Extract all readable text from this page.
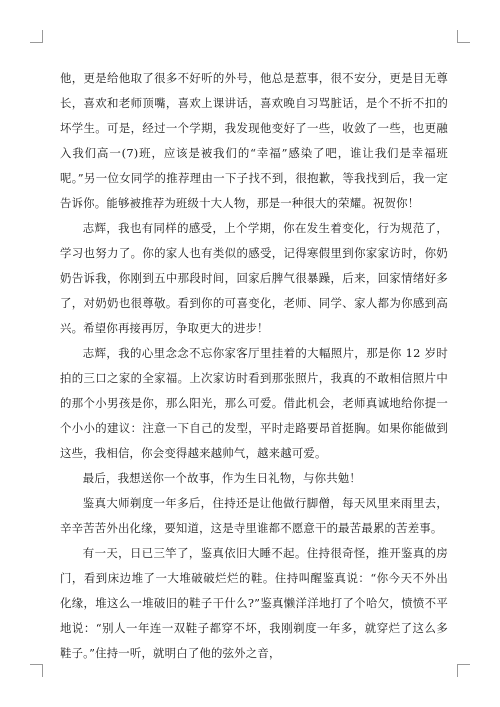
他，更是给他取了很多不好听的外号，他总是惹事，很不安分，更是目无尊长，喜欢和老师顶嘴，喜欢上课讲话，喜欢晚自习骂脏话，是个不折不扣的坏学生。可是，经过一个学期，我发现他变好了一些，收敛了一些，也更融入我们高一(7)班，应该是被我们的“幸福”感染了吧，谁让我们是幸福班呢。”另一位女同学的推荐理由一下子找不到，很抱歉，等我找到后，我一定告诉你。能够被推荐为班级十大人物，那是一种很大的荣耀。祝贺你！

志辉，我也有同样的感受，上个学期，你在发生着变化，行为规范了，学习也努力了。你的家人也有类似的感受，记得寒假里到你家家访时，你奶奶告诉我，你刚到五中那段时间，回家后脾气很暴躁，后来，回家情绪好多了，对奶奶也很尊敬。看到你的可喜变化，老师、同学、家人都为你感到高兴。希望你再接再厉，争取更大的进步！

志辉，我的心里念念不忘你家客厅里挂着的大幅照片，那是你 12 岁时拍的三口之家的全家福。上次家访时看到那张照片，我真的不敢相信照片中的那个小男孩是你，那么阳光，那么可爱。借此机会，老师真诚地给你提一个小小的建议：注意一下自己的发型，平时走路要昂首挺胸。如果你能做到这些，我相信，你会变得越来越帅气，越来越可爱。

最后，我想送你一个故事，作为生日礼物，与你共勉！

鉴真大师剃度一年多后，住持还是让他做行脚僧，每天风里来雨里去，辛辛苦苦外出化缘，要知道，这是寺里谁都不愿意干的最苦最累的苦差事。

有一天，日已三竿了，鉴真依旧大睡不起。住持很奇怪，推开鉴真的房门，看到床边堆了一大堆破破烂烂的鞋。住持叫醒鉴真说：“你今天不外出化缘，堆这么一堆破旧的鞋子干什么?”鉴真懒洋洋地打了个哈欠，愤愤不平地说：“别人一年连一双鞋子都穿不坏，我刚剃度一年多，就穿烂了这么多鞋子。”住持一听，就明白了他的弦外之音，
